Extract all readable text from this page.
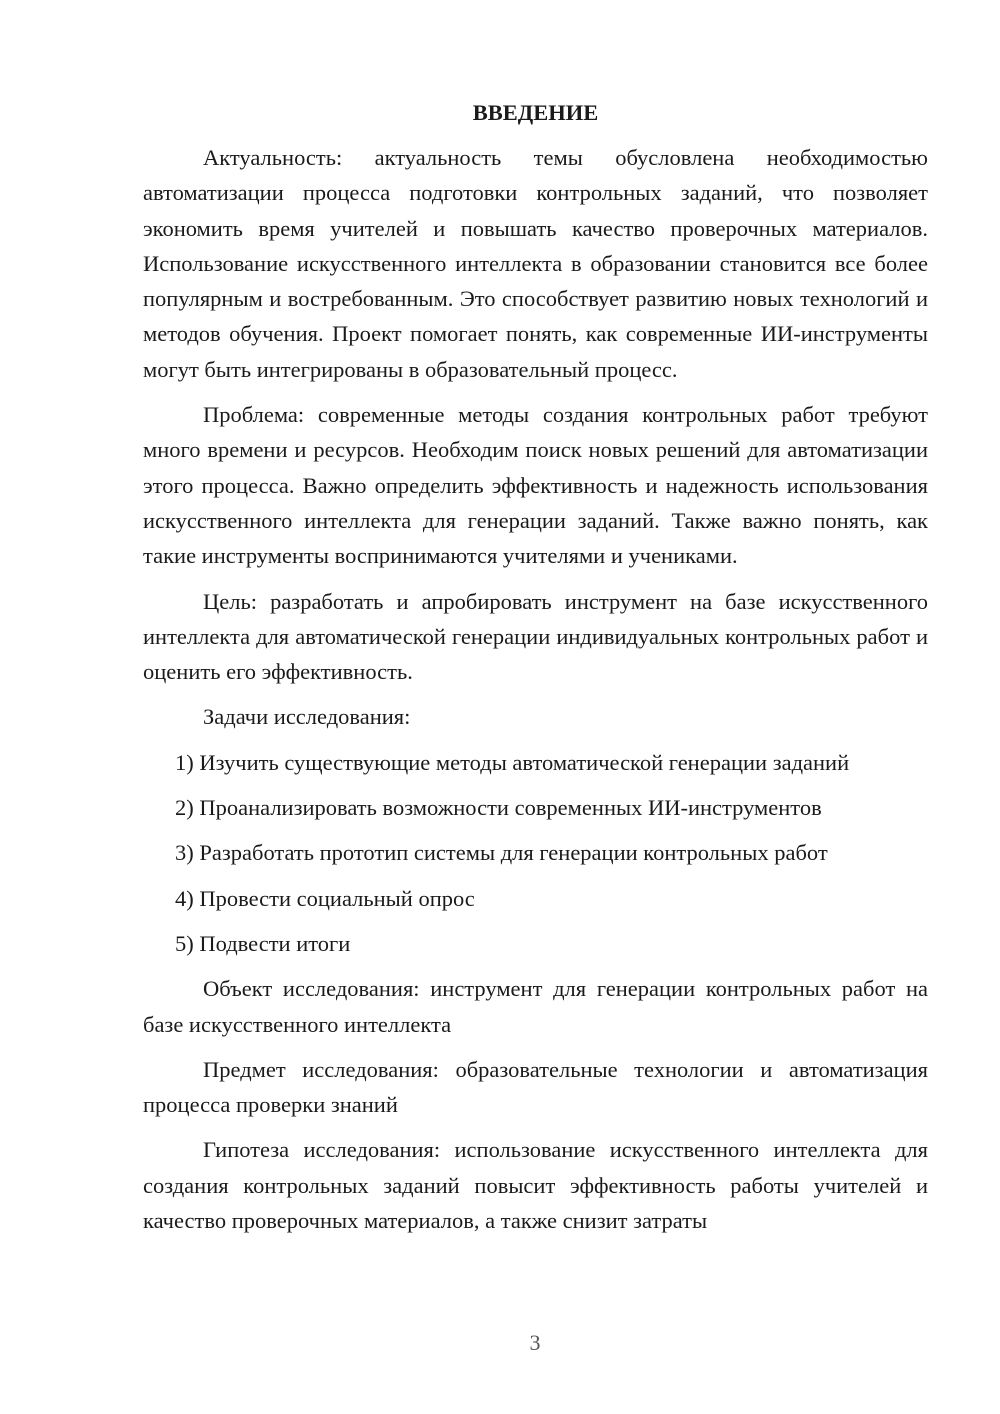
ВВЕДЕНИЕ

Актуальность: актуальность темы обусловлена необходимостью автоматизации процесса подготовки контрольных заданий, что позволяет экономить время учителей и повышать качество проверочных материалов. Использование искусственного интеллекта в образовании становится все более популярным и востребованным. Это способствует развитию новых технологий и методов обучения. Проект помогает понять, как современные ИИ-инструменты могут быть интегрированы в образовательный процесс.

Проблема: современные методы создания контрольных работ требуют много времени и ресурсов. Необходим поиск новых решений для автоматизации этого процесса. Важно определить эффективность и надежность использования искусственного интеллекта для генерации заданий. Также важно понять, как такие инструменты воспринимаются учителями и учениками.

Цель: разработать и апробировать инструмент на базе искусственного интеллекта для автоматической генерации индивидуальных контрольных работ и оценить его эффективность.

Задачи исследования:

1) Изучить существующие методы автоматической генерации заданий
2) Проанализировать возможности современных ИИ-инструментов
3) Разработать прототип системы для генерации контрольных работ
4) Провести социальный опрос
5) Подвести итоги

Объект исследования: инструмент для генерации контрольных работ на базе искусственного интеллекта

Предмет исследования: образовательные технологии и автоматизация процесса проверки знаний

Гипотеза исследования: использование искусственного интеллекта для создания контрольных заданий повысит эффективность работы учителей и качество проверочных материалов, а также снизит затраты

3
